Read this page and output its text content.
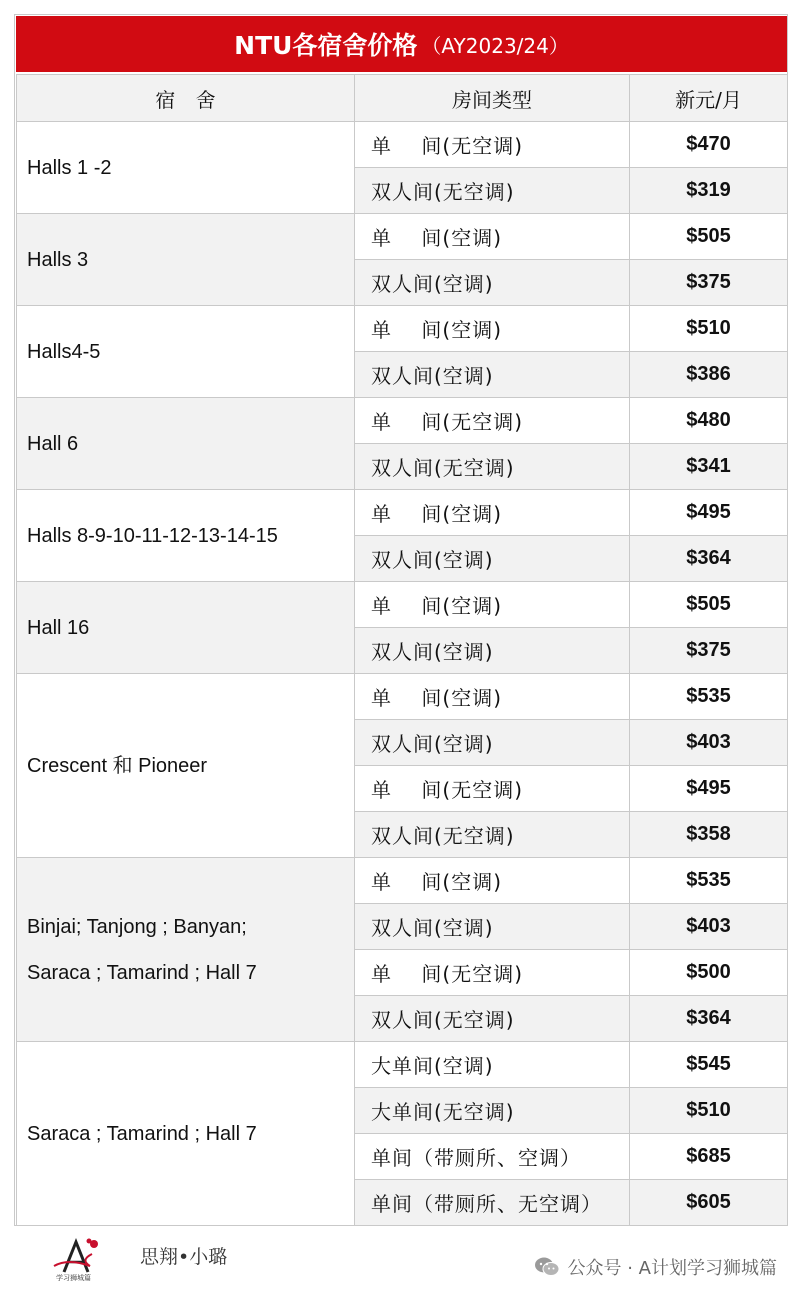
NTU各宿舍价格 （AY2023/24）
宿 舍	房间类型	新元/月

Halls 1 -2	单    间(无空调)	$470
	双人间(无空调)	$319

Halls 3	单    间(空调)	$505
	双人间(空调)	$375

Halls4-5	单    间(空调)	$510
	双人间(空调)	$386

Hall 6	单    间(无空调)	$480
	双人间(无空调)	$341

Halls 8-9-10-11-12-13-14-15	单    间(空调)	$495
	双人间(空调)	$364

Hall 16	单    间(空调)	$505
	双人间(空调)	$375

Crescent 和 Pioneer	单    间(空调)	$535
	双人间(空调)	$403
	单    间(无空调)	$495
	双人间(无空调)	$358

Binjai; Tanjong ; Banyan;
Saraca ; Tamarind ; Hall 7	单    间(空调)	$535
	双人间(空调)	$403
	单    间(无空调)	$500
	双人间(无空调)	$364

Saraca ; Tamarind ; Hall 7	大单间(空调)	$545
	大单间(无空调)	$510
	单间（带厕所、空调）	$685
	单间（带厕所、无空调）	$605
学习狮城篇
思翔•小璐
公众号 · A计划学习狮城篇
